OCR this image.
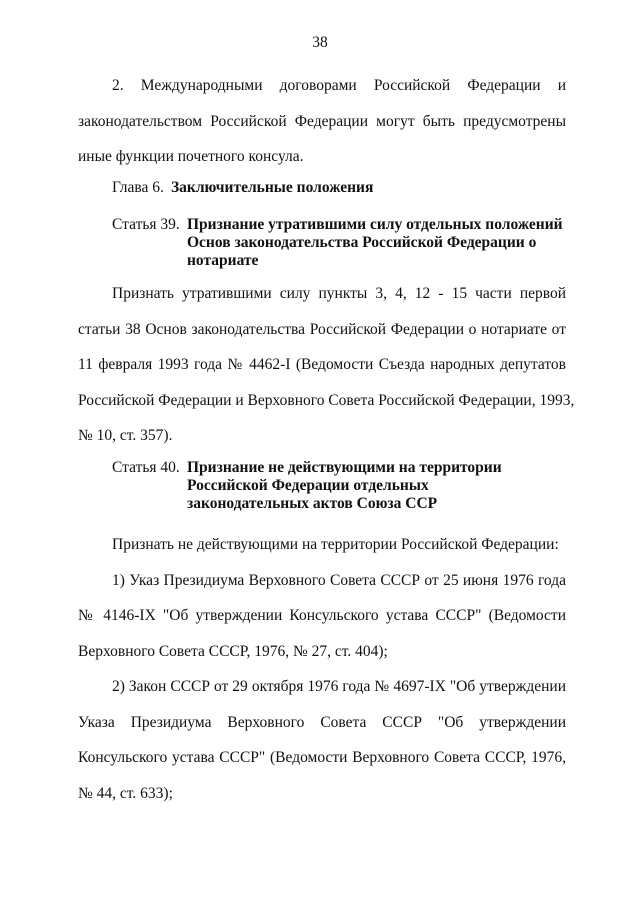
38
2. Международными договорами Российской Федерации и
законодательством Российской Федерации могут быть предусмотрены
иные функции почетного консула.
Глава 6. Заключительные положения
Статья 39. Признание утратившими силу отдельных положений
Основ законодательства Российской Федерации о
нотариате
Признать утратившими силу пункты 3, 4, 12 - 15 части первой
статьи 38 Основ законодательства Российской Федерации о нотариате от
11 февраля 1993 года № 4462-I (Ведомости Съезда народных депутатов
Российской Федерации и Верховного Совета Российской Федерации, 1993,
№ 10, ст. 357).
Статья 40. Признание не действующими на территории
Российской Федерации отдельных
законодательных актов Союза ССР
Признать не действующими на территории Российской Федерации:
1) Указ Президиума Верховного Совета СССР от 25 июня 1976 года
№ 4146-IX "Об утверждении Консульского устава СССР" (Ведомости
Верховного Совета СССР, 1976, № 27, ст. 404);
2) Закон СССР от 29 октября 1976 года № 4697-IX "Об утверждении
Указа Президиума Верховного Совета СССР "Об утверждении
Консульского устава СССР" (Ведомости Верховного Совета СССР, 1976,
№ 44, ст. 633);
